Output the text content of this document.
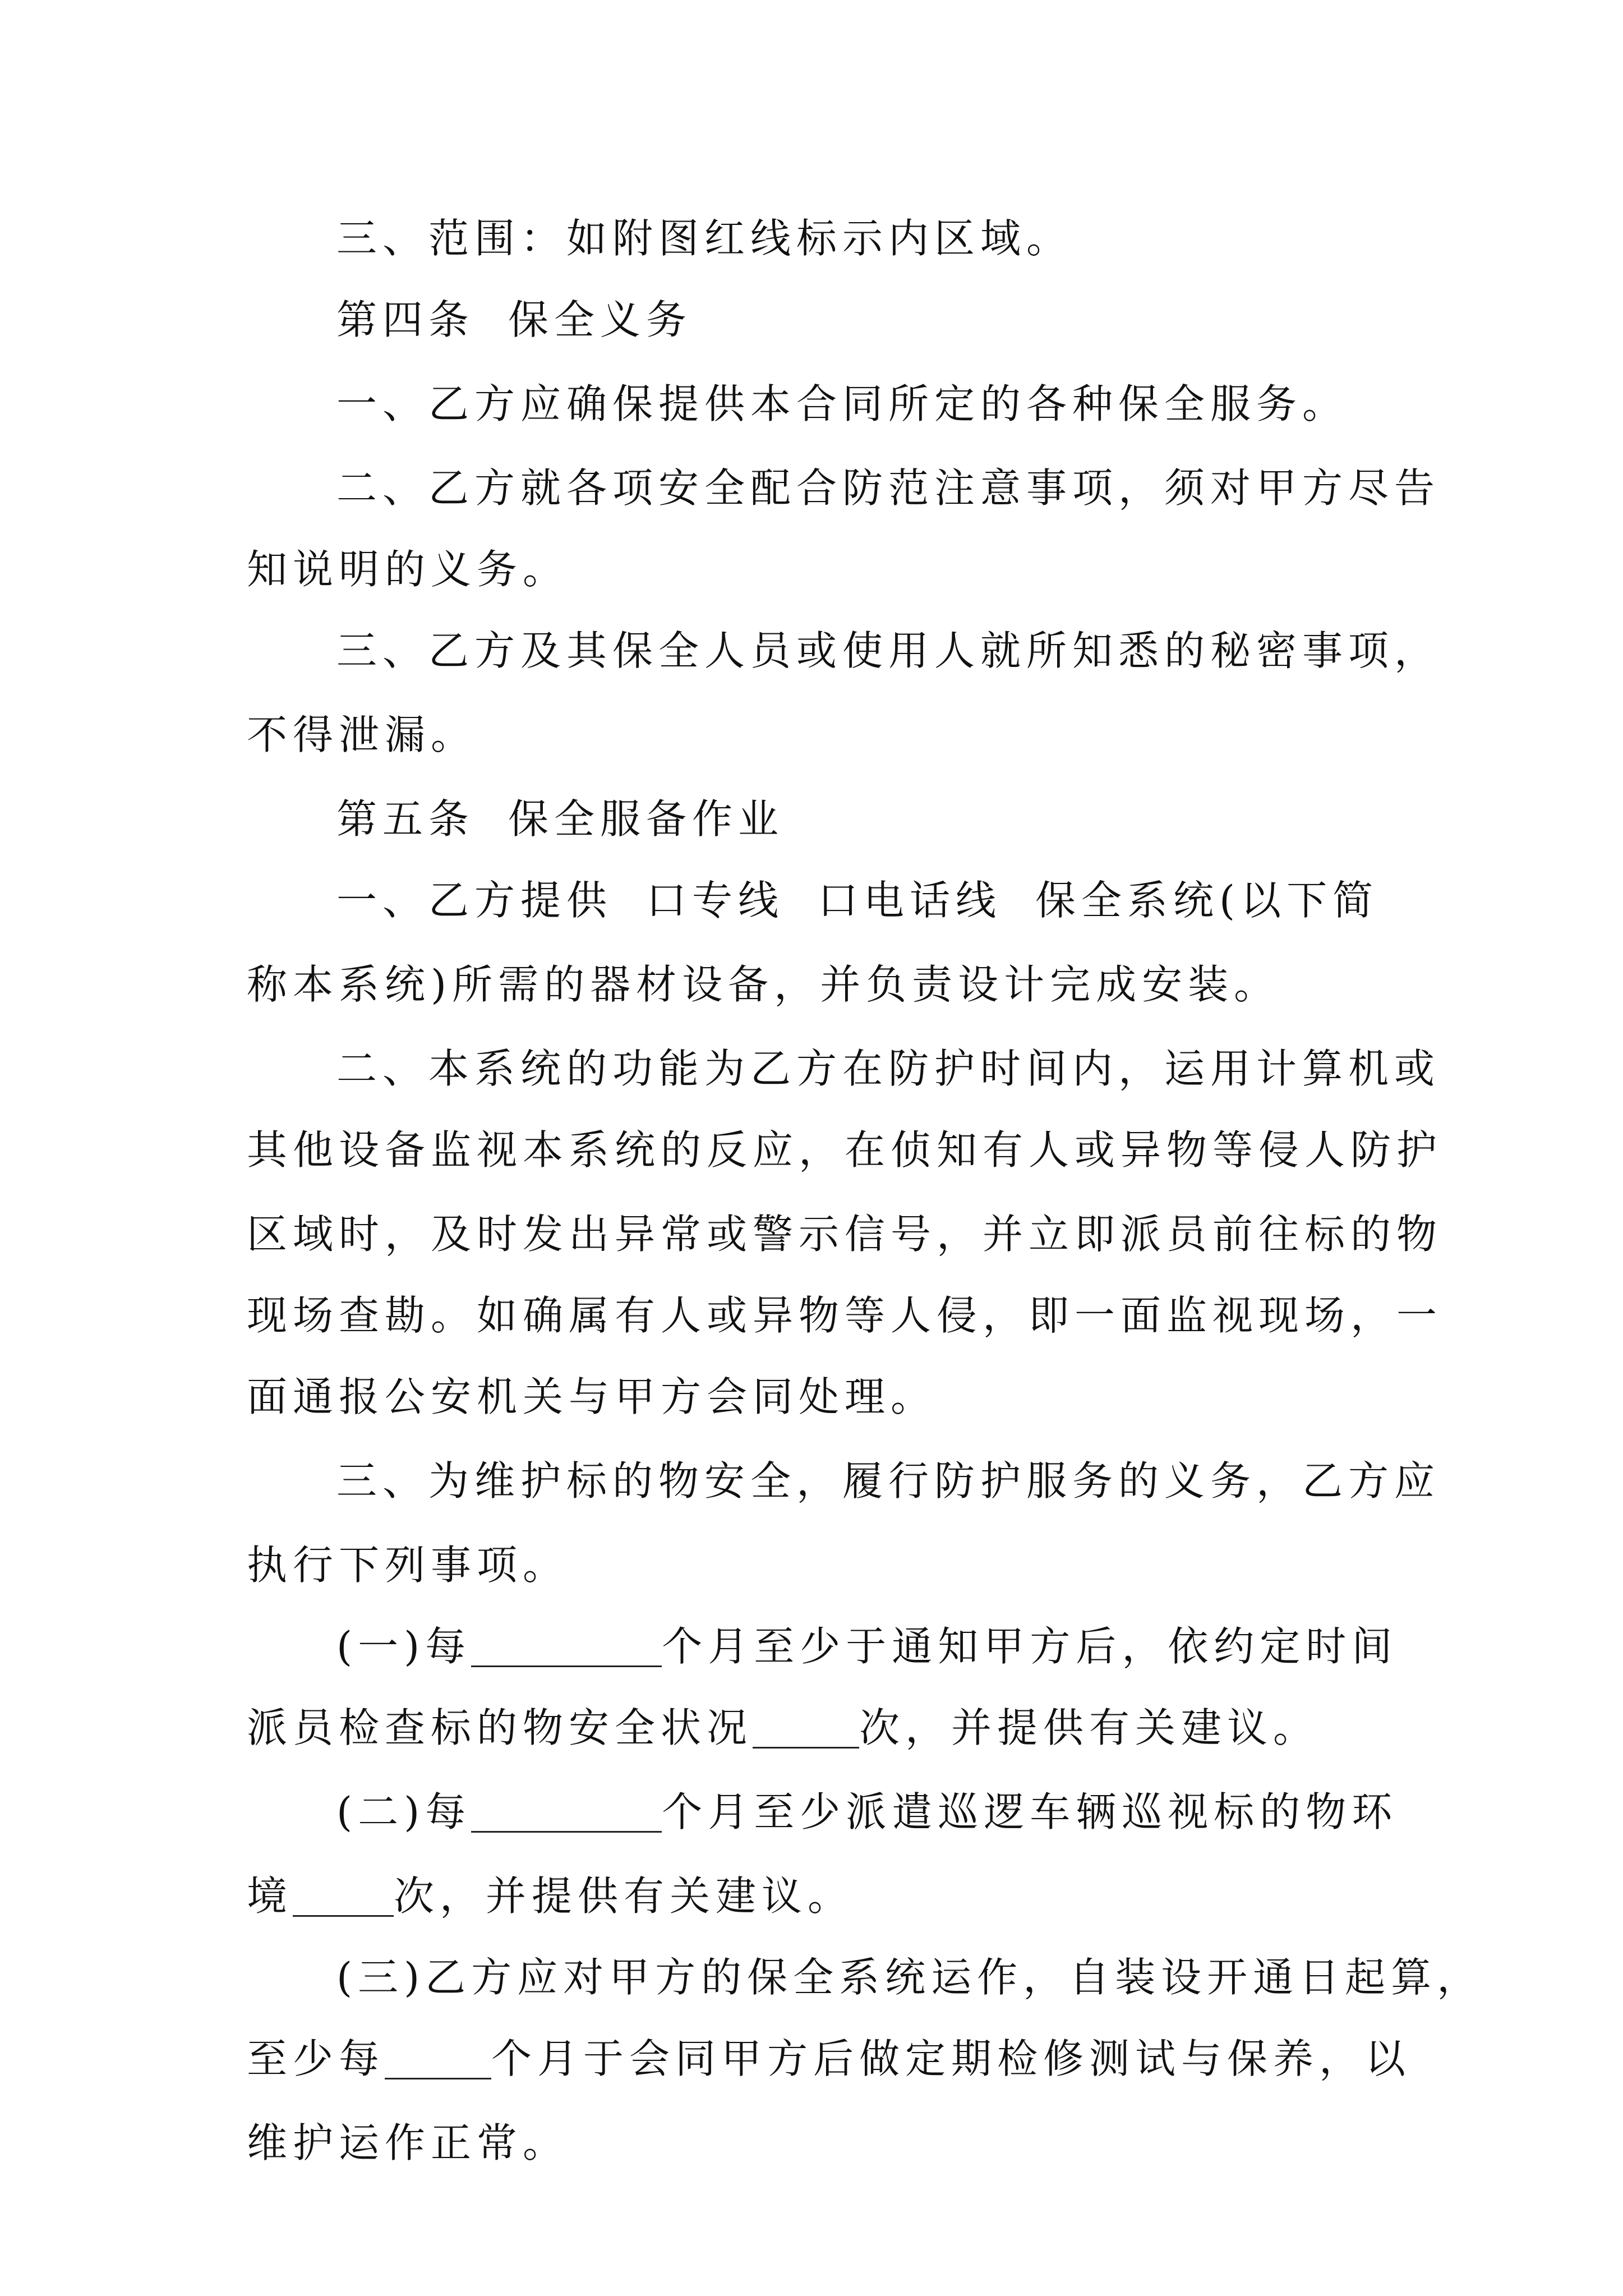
三、范围：如附图红线标示内区域。
第四条 保全义务
一、乙方应确保提供本合同所定的各种保全服务。
二、乙方就各项安全配合防范注意事项，须对甲方尽告
知说明的义务。
三、乙方及其保全人员或使用人就所知悉的秘密事项，
不得泄漏。
第五条 保全服备作业
一、乙方提供 口专线 口电话线 保全系统(以下简
称本系统)所需的器材设备，并负责设计完成安装。
二、本系统的功能为乙方在防护时间内，运用计算机或
其他设备监视本系统的反应，在侦知有人或异物等侵人防护
区域时，及时发出异常或警示信号，并立即派员前往标的物
现场查勘。如确属有人或异物等人侵，即一面监视现场，一
面通报公安机关与甲方会同处理。
三、为维护标的物安全，履行防护服务的义务，乙方应
执行下列事项。
(一)每	个月至少于通知甲方后，依约定时间
派员检查标的物安全状况	次，并提供有关建议。
(二)每	个月至少派遣巡逻车辆巡视标的物环
境	次，并提供有关建议。
(三)乙方应对甲方的保全系统运作，自装设开通日起算，
至少每	个月于会同甲方后做定期检修测试与保养，以
维护运作正常。
